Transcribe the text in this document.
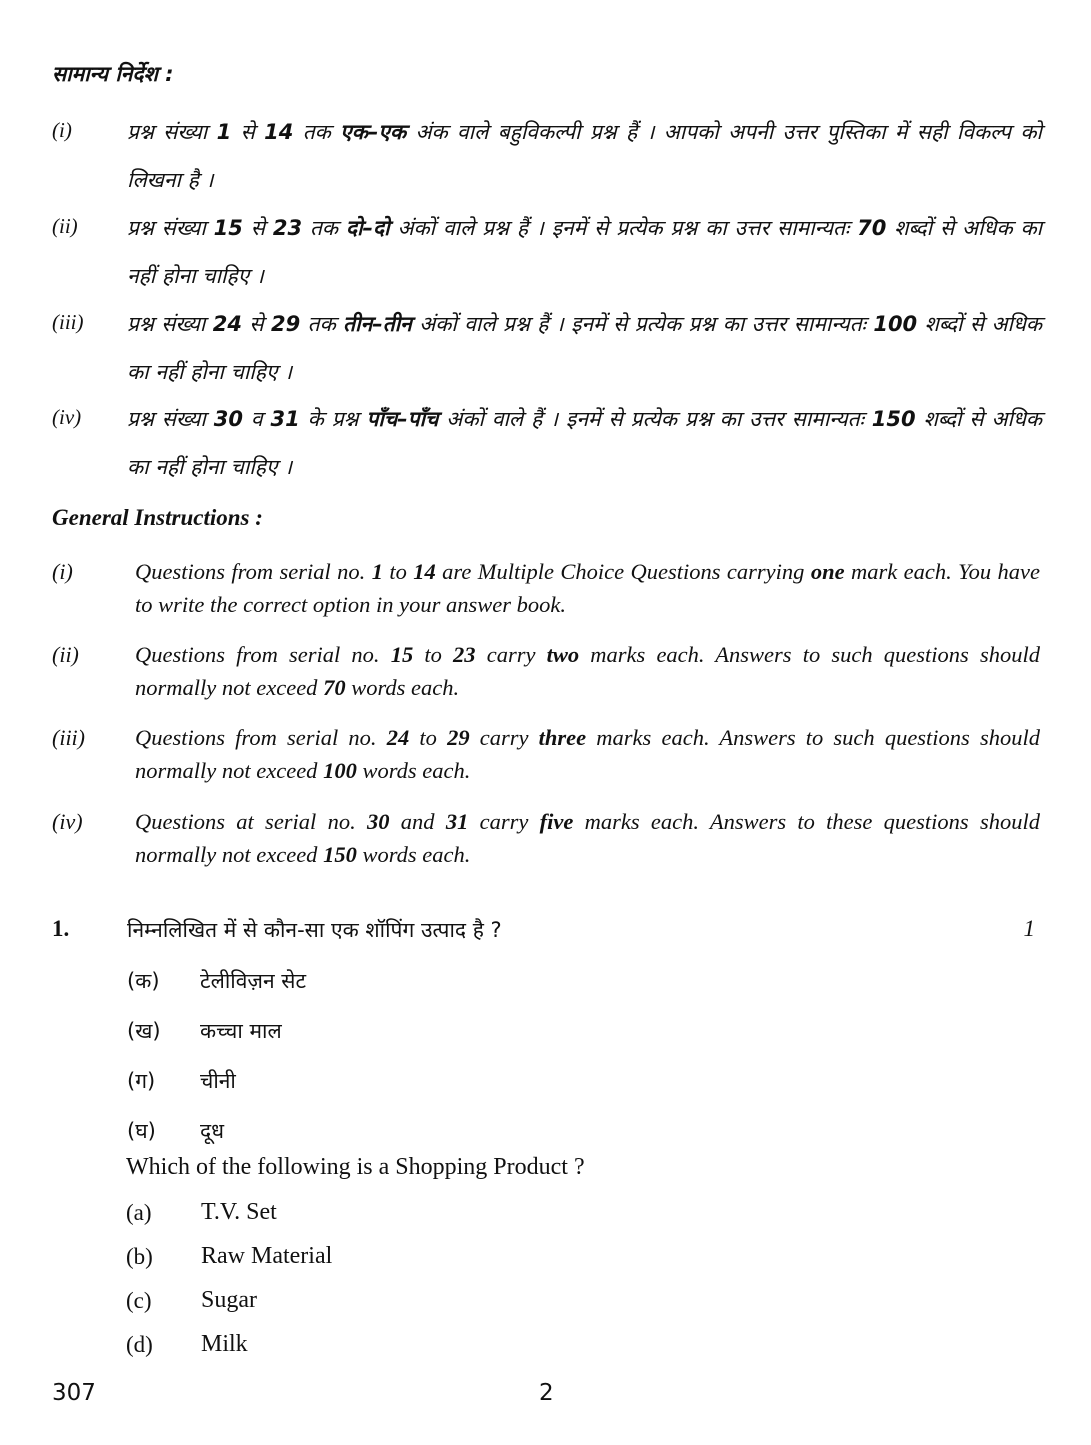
सामान्य निर्देश :
(i)	प्रश्न संख्या 1 से 14 तक एक–एक अंक वाले बहुविकल्पी प्रश्न हैं । आपको अपनी उत्तर पुस्तिका में सही विकल्प को लिखना है ।
(ii) प्रश्न संख्या 15 से 23 तक दो–दो अंकों वाले प्रश्न हैं । इनमें से प्रत्येक प्रश्न का उत्तर सामान्यतः 70 शब्दों से अधिक का नहीं होना चाहिए ।
(iii) प्रश्न संख्या 24 से 29 तक तीन–तीन अंकों वाले प्रश्न हैं । इनमें से प्रत्येक प्रश्न का उत्तर सामान्यतः 100 शब्दों से अधिक का नहीं होना चाहिए ।
(iv) प्रश्न संख्या 30 व 31 के प्रश्न पाँच–पाँच अंकों वाले हैं । इनमें से प्रत्येक प्रश्न का उत्तर सामान्यतः 150 शब्दों से अधिक का नहीं होना चाहिए ।
General Instructions :
(i)	Questions from serial no. 1 to 14 are Multiple Choice Questions carrying one mark each. You have to write the correct option in your answer book.
(ii) Questions from serial no. 15 to 23 carry two marks each. Answers to such questions should normally not exceed 70 words each.
(iii) Questions from serial no. 24 to 29 carry three marks each. Answers to such questions should normally not exceed 100 words each.
(iv) Questions at serial no. 30 and 31 carry five marks each. Answers to these questions should normally not exceed 150 words each.
1.	निम्नलिखित में से कौन-सा एक शॉपिंग उत्पाद है ?	1
(क) टेलीविज़न सेट
(ख) कच्चा माल
(ग) चीनी
(घ) दूध
Which of the following is a Shopping Product ?
(a) T.V. Set
(b) Raw Material
(c) Sugar
(d) Milk
307	2
